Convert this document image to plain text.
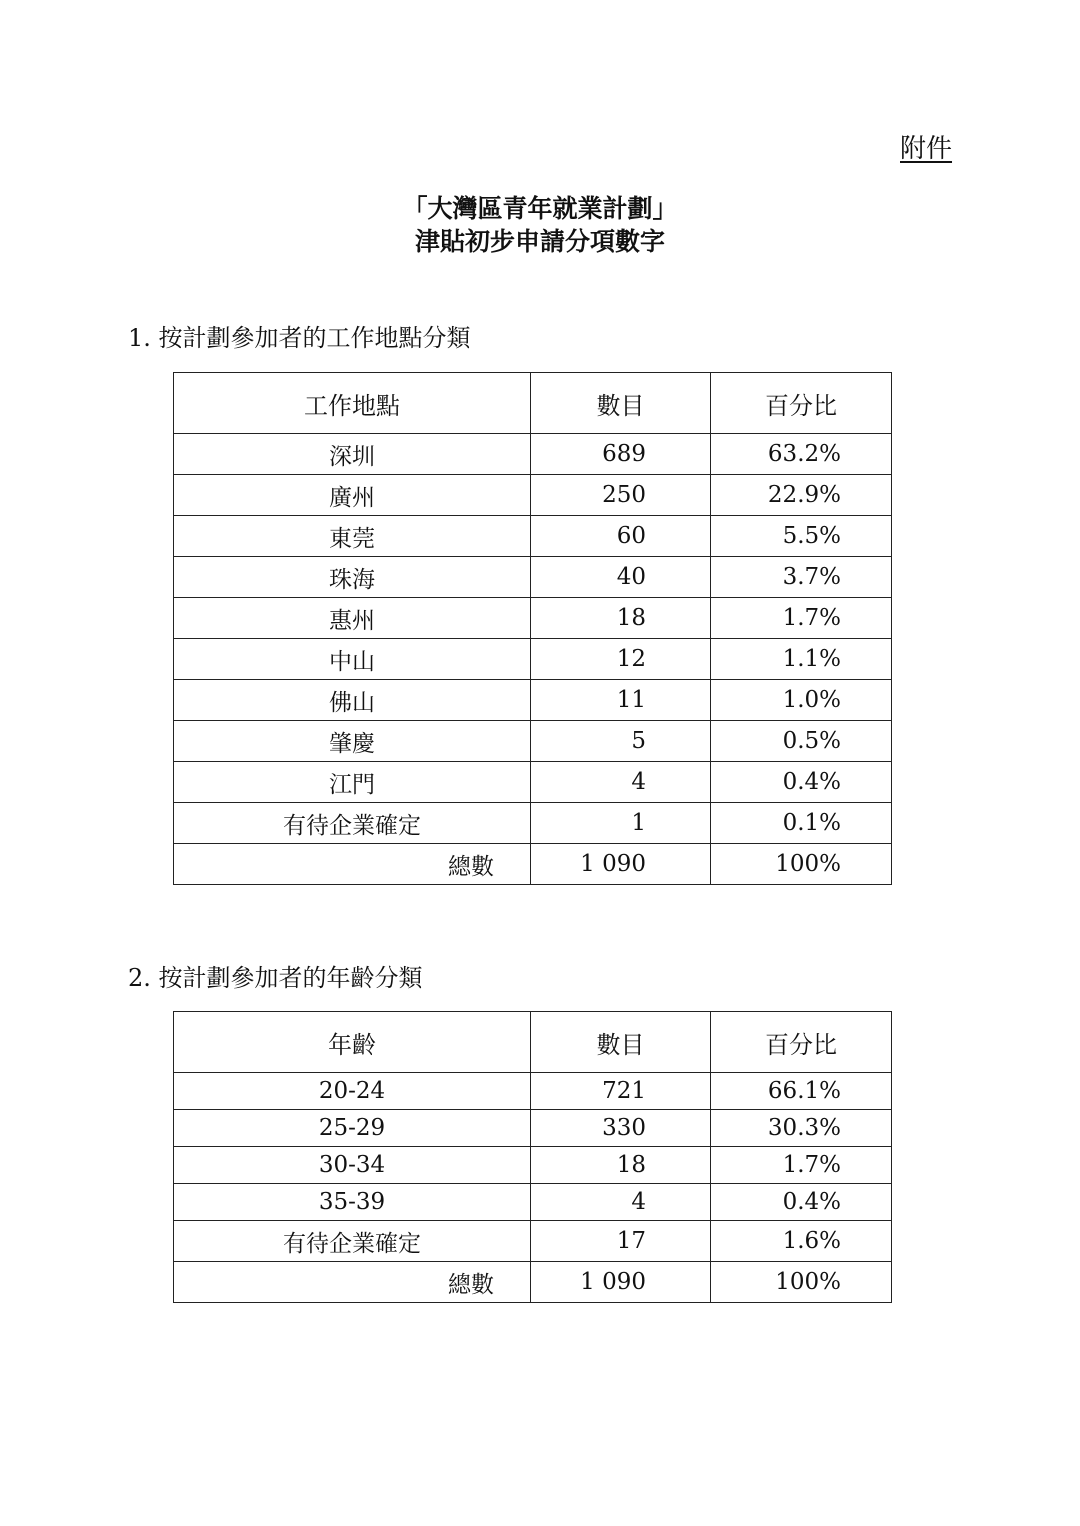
附件
「大灣區青年就業計劃」
津貼初步申請分項數字
1. 按計劃參加者的工作地點分類
工作地點	數目	百分比
深圳	689	63.2%
廣州	250	22.9%
東莞	60	5.5%
珠海	40	3.7%
惠州	18	1.7%
中山	12	1.1%
佛山	11	1.0%
肇慶	5	0.5%
江門	4	0.4%
有待企業確定	1	0.1%
總數	1 090	100%
2. 按計劃參加者的年齡分類
年齡	數目	百分比
20-24	721	66.1%
25-29	330	30.3%
30-34	18	1.7%
35-39	4	0.4%
有待企業確定	17	1.6%
總數	1 090	100%
